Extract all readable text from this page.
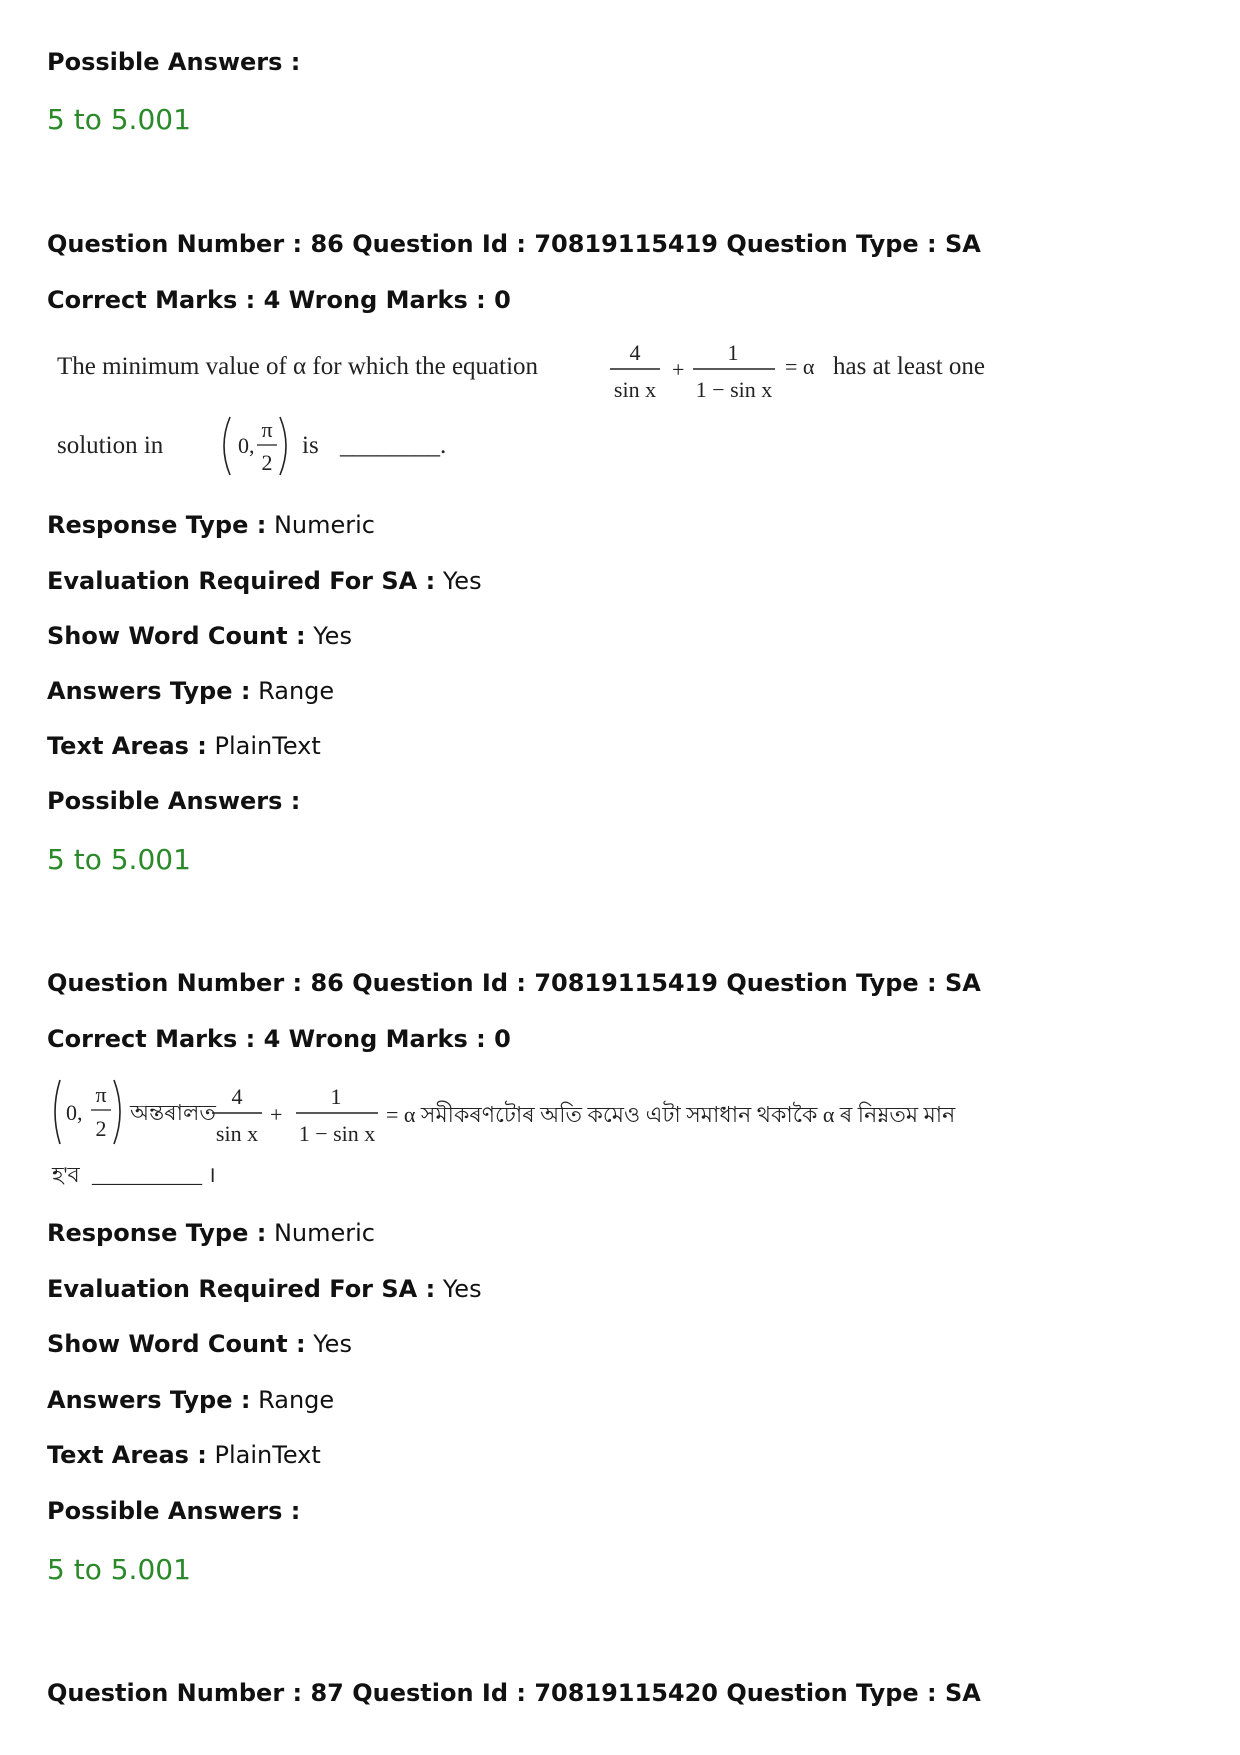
Possible Answers :
5 to 5.001
Question Number : 86 Question Id : 70819115419 Question Type : SA
Correct Marks : 4 Wrong Marks : 0
The minimum value of α for which the equation
4
sin x
+
1
1 − sin x
= α has at least one
solution in	0,
π
2
is ________.
Response Type : Numeric
Evaluation Required For SA : Yes
Show Word Count : Yes
Answers Type : Range
Text Areas : PlainText
Possible Answers :
5 to 5.001
Question Number : 86 Question Id : 70819115419 Question Type : SA
Correct Marks : 4 Wrong Marks : 0
0,
π
2
অন্তৰালত
4
sin x
+
1
1 − sin x
= α সমীকৰণটোৰ অতি কমেও এটা সমাধান থকাকৈ α ৰ নিম্নতম মান
হ'ব __________ ।
Response Type : Numeric
Evaluation Required For SA : Yes
Show Word Count : Yes
Answers Type : Range
Text Areas : PlainText
Possible Answers :
5 to 5.001
Question Number : 87 Question Id : 70819115420 Question Type : SA
